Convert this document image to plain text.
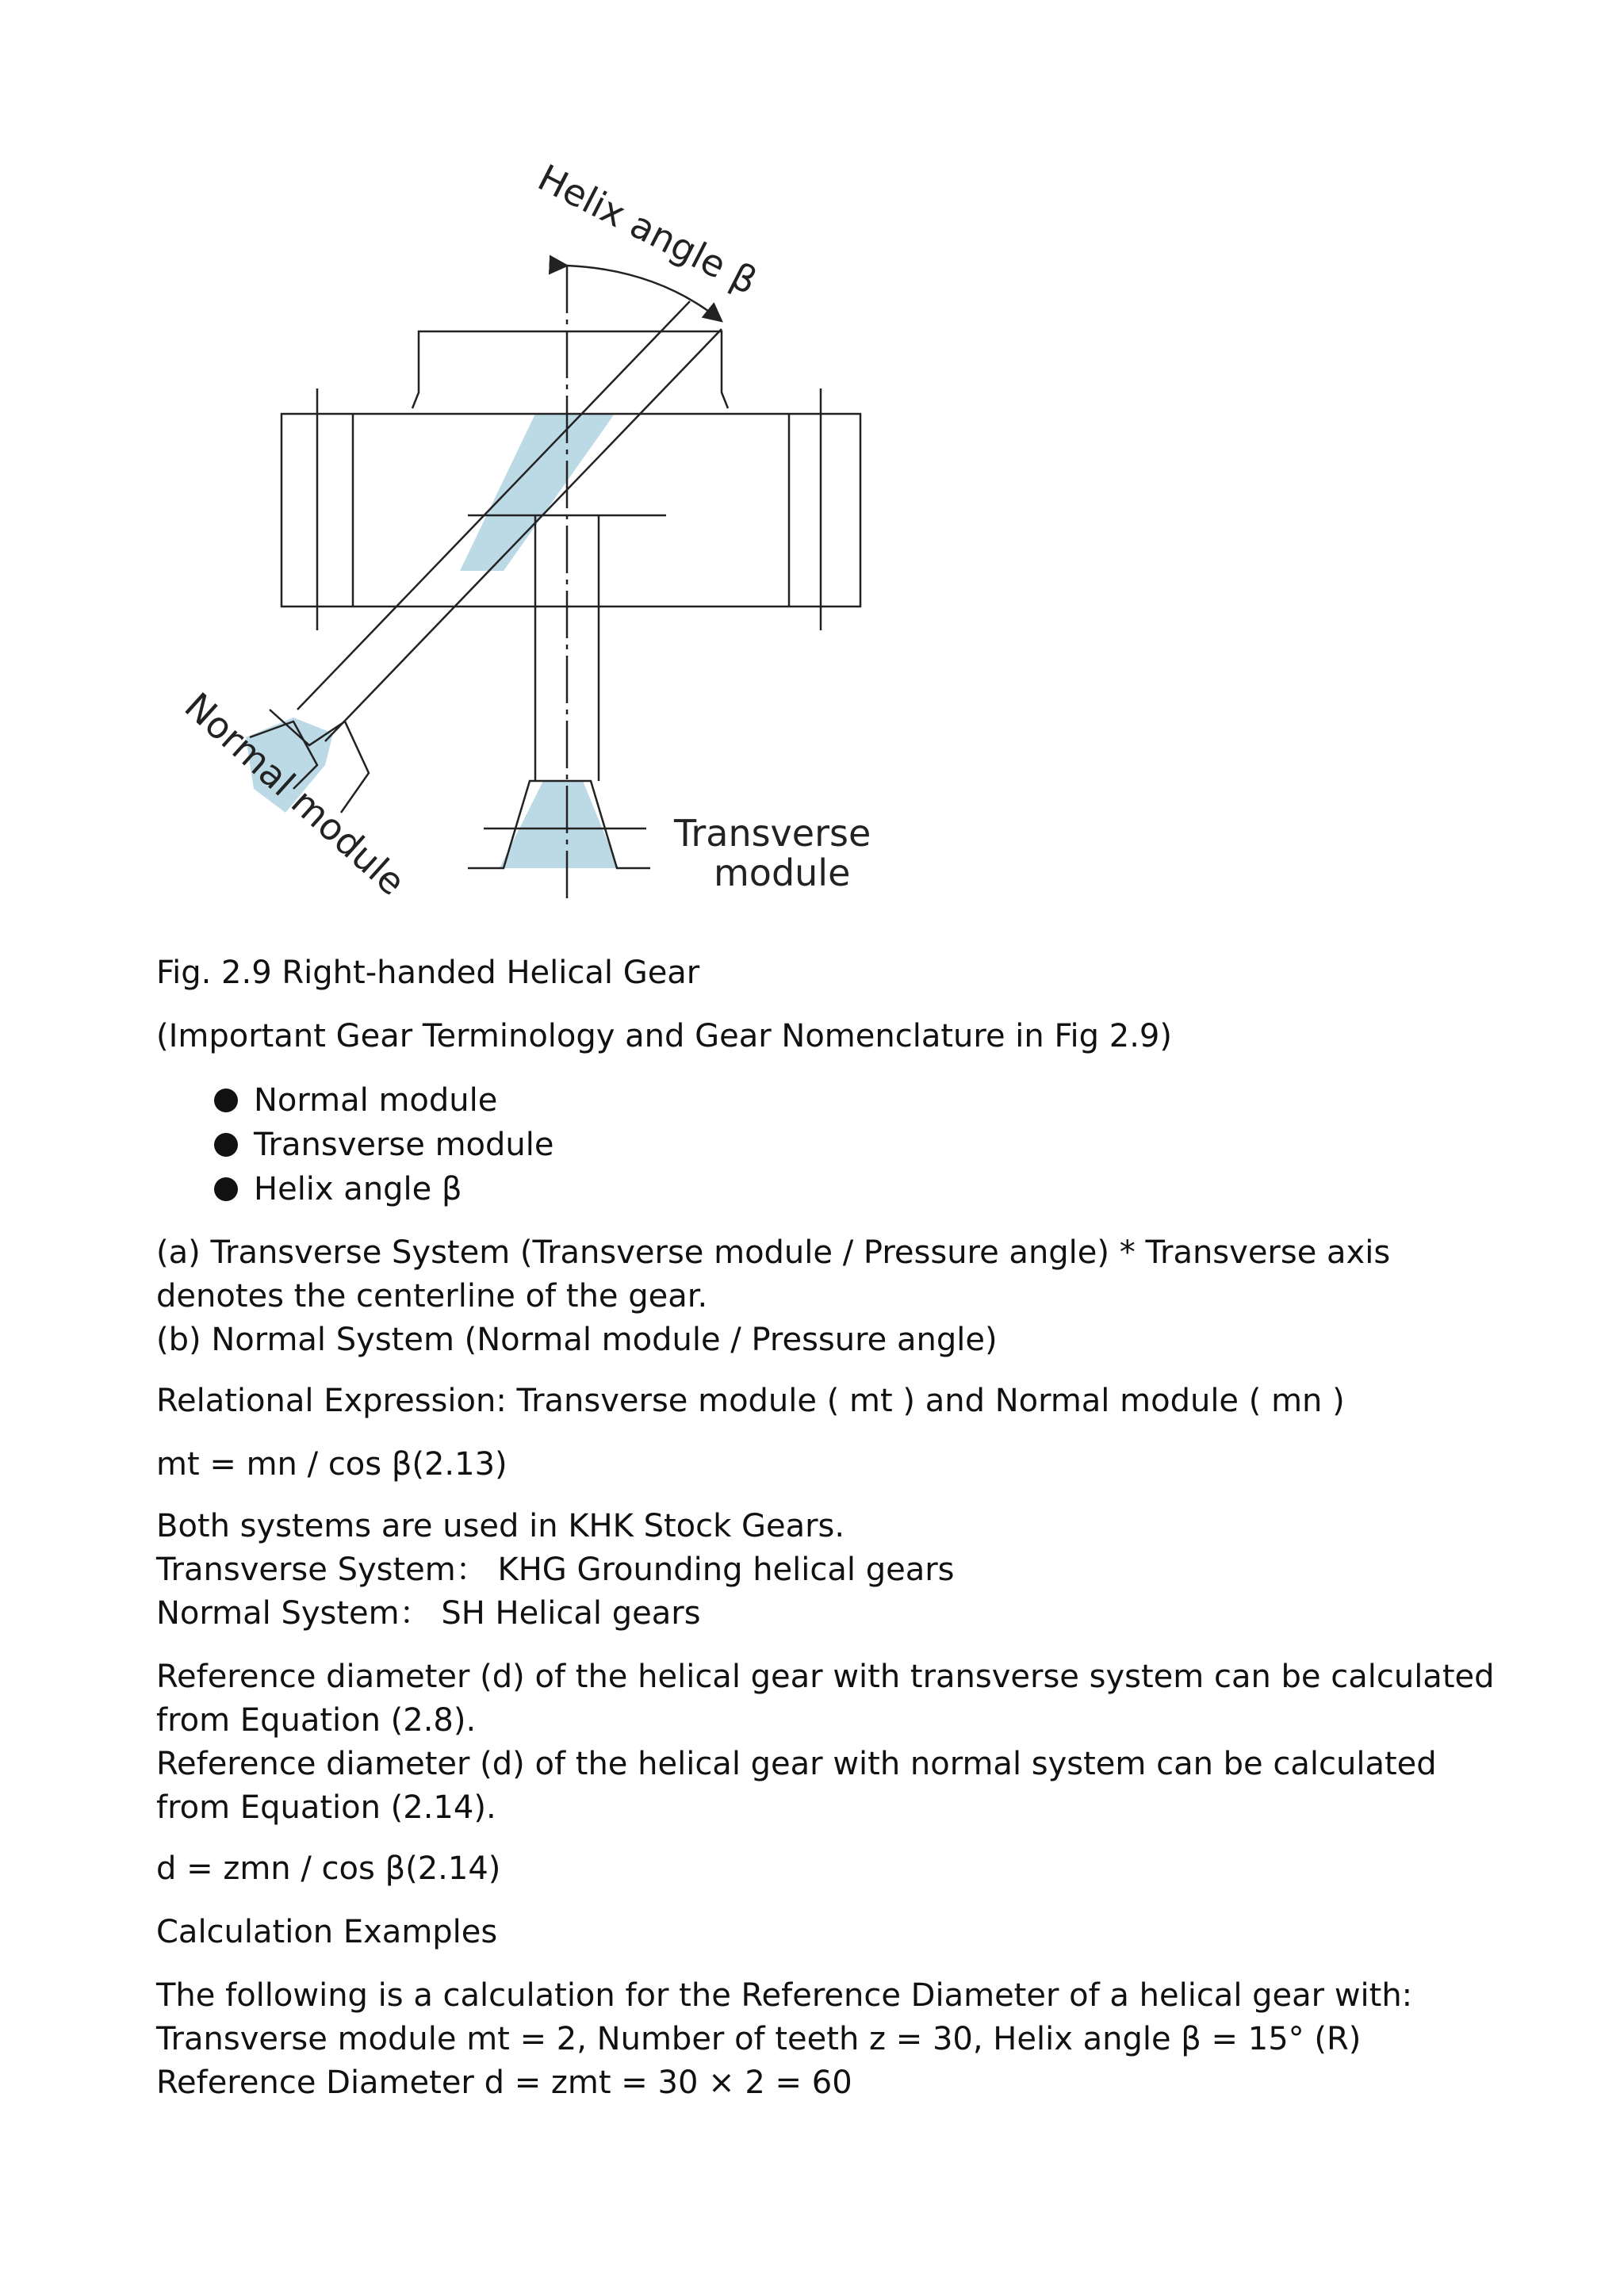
Helix angle β
Normal module	Transverse
module
Fig. 2.9 Right-handed Helical Gear
(Important Gear Terminology and Gear Nomenclature in Fig 2.9)
Normal module
Transverse module
Helix angle β
(a) Transverse System (Transverse module / Pressure angle) * Transverse axis denotes the centerline of the gear.
(b) Normal System (Normal module / Pressure angle)
Relational Expression: Transverse module ( mt ) and Normal module ( mn )
mt = mn / cos β(2.13)
Both systems are used in KHK Stock Gears.
Transverse System： KHG Grounding helical gears
Normal System： SH Helical gears
Reference diameter (d) of the helical gear with transverse system can be calculated from Equation (2.8).
Reference diameter (d) of the helical gear with normal system can be calculated from Equation (2.14).
d = zmn / cos β(2.14)
Calculation Examples
The following is a calculation for the Reference Diameter of a helical gear with:
Transverse module mt = 2, Number of teeth z = 30, Helix angle β = 15° (R)
Reference Diameter d = zmt = 30 × 2 = 60
